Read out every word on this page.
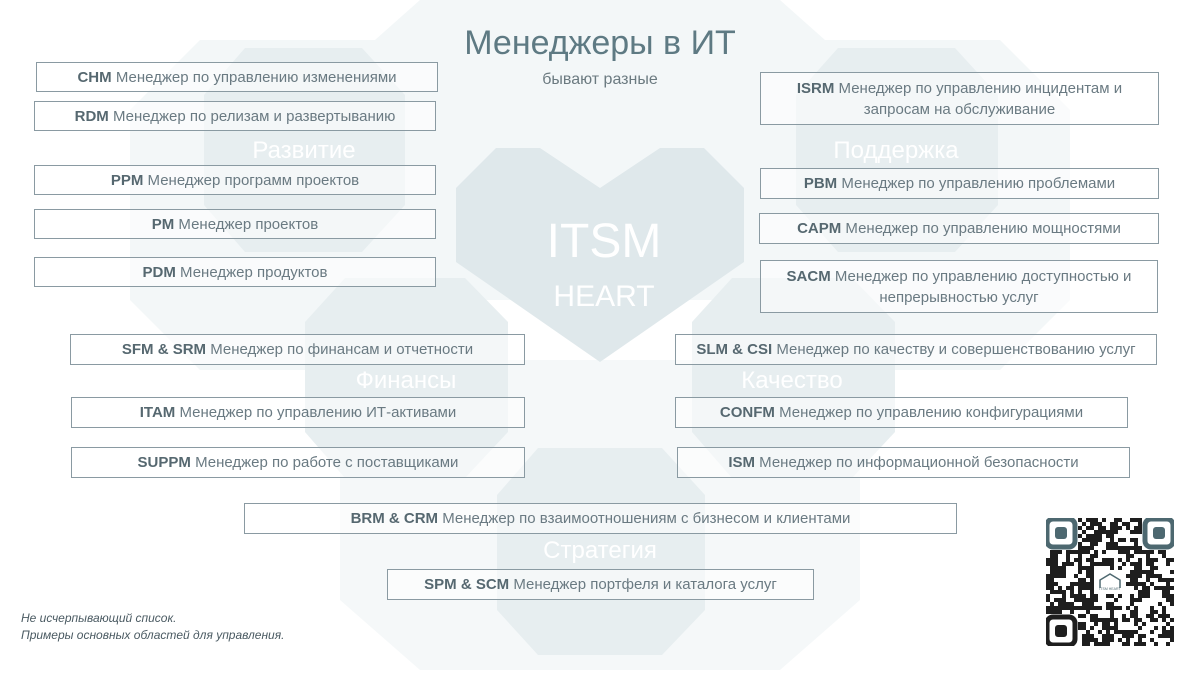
Развитие	Поддержка
Финансы	Качество
Стратегия
ITSM
HEART
Менеджеры в ИТ
бывают разные
CHM Менеджер по управлению изменениями
RDM Менеджер по релизам и развертыванию
PPM Менеджер программ проектов
PM Менеджер проектов
PDM Менеджер продуктов
ISRM Менеджер по управлению инцидентам и запросам на обслуживание
PBM Менеджер по управлению проблемами
CAPM Менеджер по управлению мощностями
SACM Менеджер по управлению доступностью и непрерывностью услуг
SFM & SRM Менеджер по финансам и отчетности	SLM & CSI Менеджер по качеству и совершенствованию услуг
ITAM Менеджер по управлению ИТ-активами	CONFM Менеджер по управлению конфигурациями
SUPPM Менеджер по работе с поставщиками	ISM Менеджер по информационной безопасности
BRM & CRM Менеджер по взаимоотношениям с бизнесом и клиентами
SPM & SCM Менеджер портфеля и каталога услуг
Не исчерпывающий список.
Примеры основных областей для управления.
ITSM HEART
